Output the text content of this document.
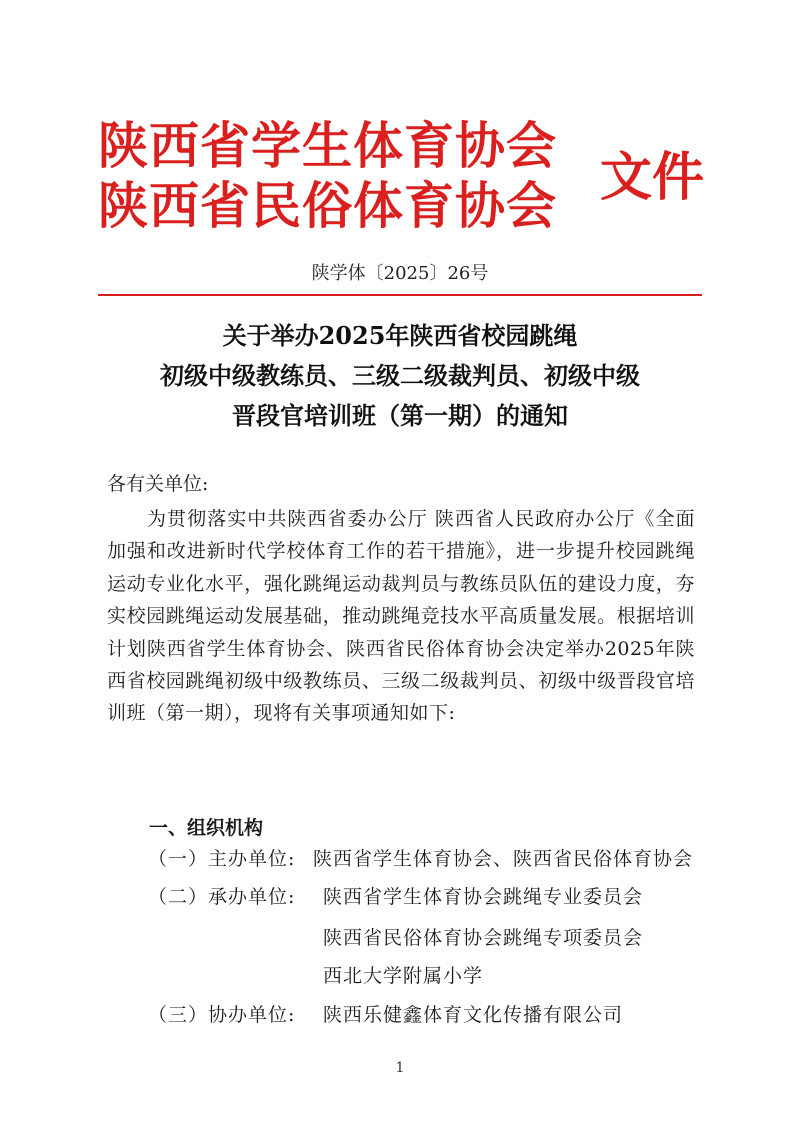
陕西省学生体育协会
陕西省民俗体育协会 文件
陕学体〔2025〕26号
关于举办2025年陕西省校园跳绳
初级中级教练员、三级二级裁判员、初级中级
晋段官培训班（第一期）的通知
各有关单位:
为贯彻落实中共陕西省委办公厅 陕西省人民政府办公厅《全面加强和改进新时代学校体育工作的若干措施》，进一步提升校园跳绳运动专业化水平，强化跳绳运动裁判员与教练员队伍的建设力度，夯实校园跳绳运动发展基础，推动跳绳竞技水平高质量发展。根据培训计划陕西省学生体育协会、陕西省民俗体育协会决定举办2025年陕西省校园跳绳初级中级教练员、三级二级裁判员、初级中级晋段官培训班（第一期），现将有关事项通知如下:
一、组织机构
（一）主办单位: 陕西省学生体育协会、陕西省民俗体育协会
（二）承办单位: 陕西省学生体育协会跳绳专业委员会
陕西省民俗体育协会跳绳专项委员会
西北大学附属小学
（三）协办单位: 陕西乐健鑫体育文化传播有限公司
1
